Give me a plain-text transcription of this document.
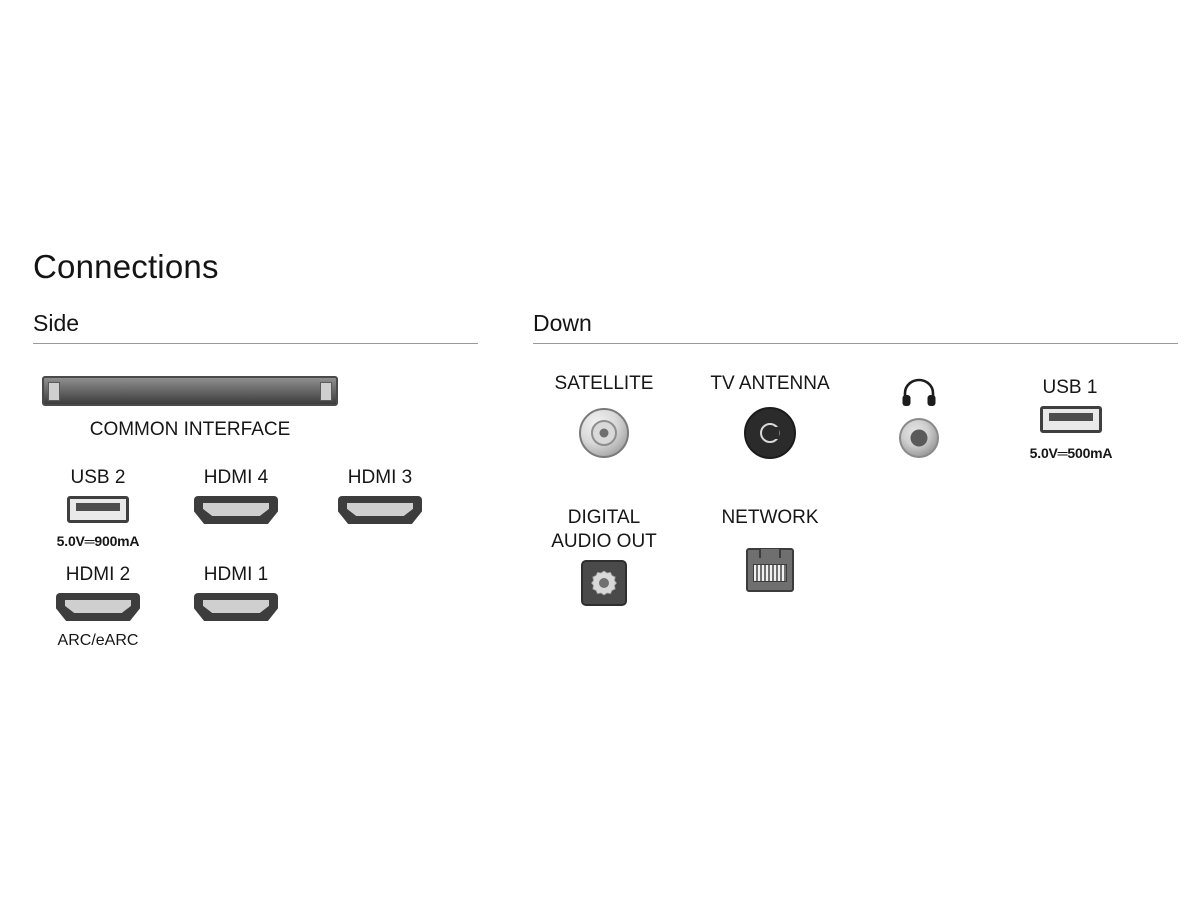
Connections
Side
COMMON INTERFACE
USB 2
5.0V═900mA
HDMI 4	HDMI 3
HDMI 2
ARC/eARC
HDMI 1
Down
SATELLITE	TV ANTENNA	USB 1
5.0V═500mA
DIGITAL
AUDIO OUT
NETWORK
